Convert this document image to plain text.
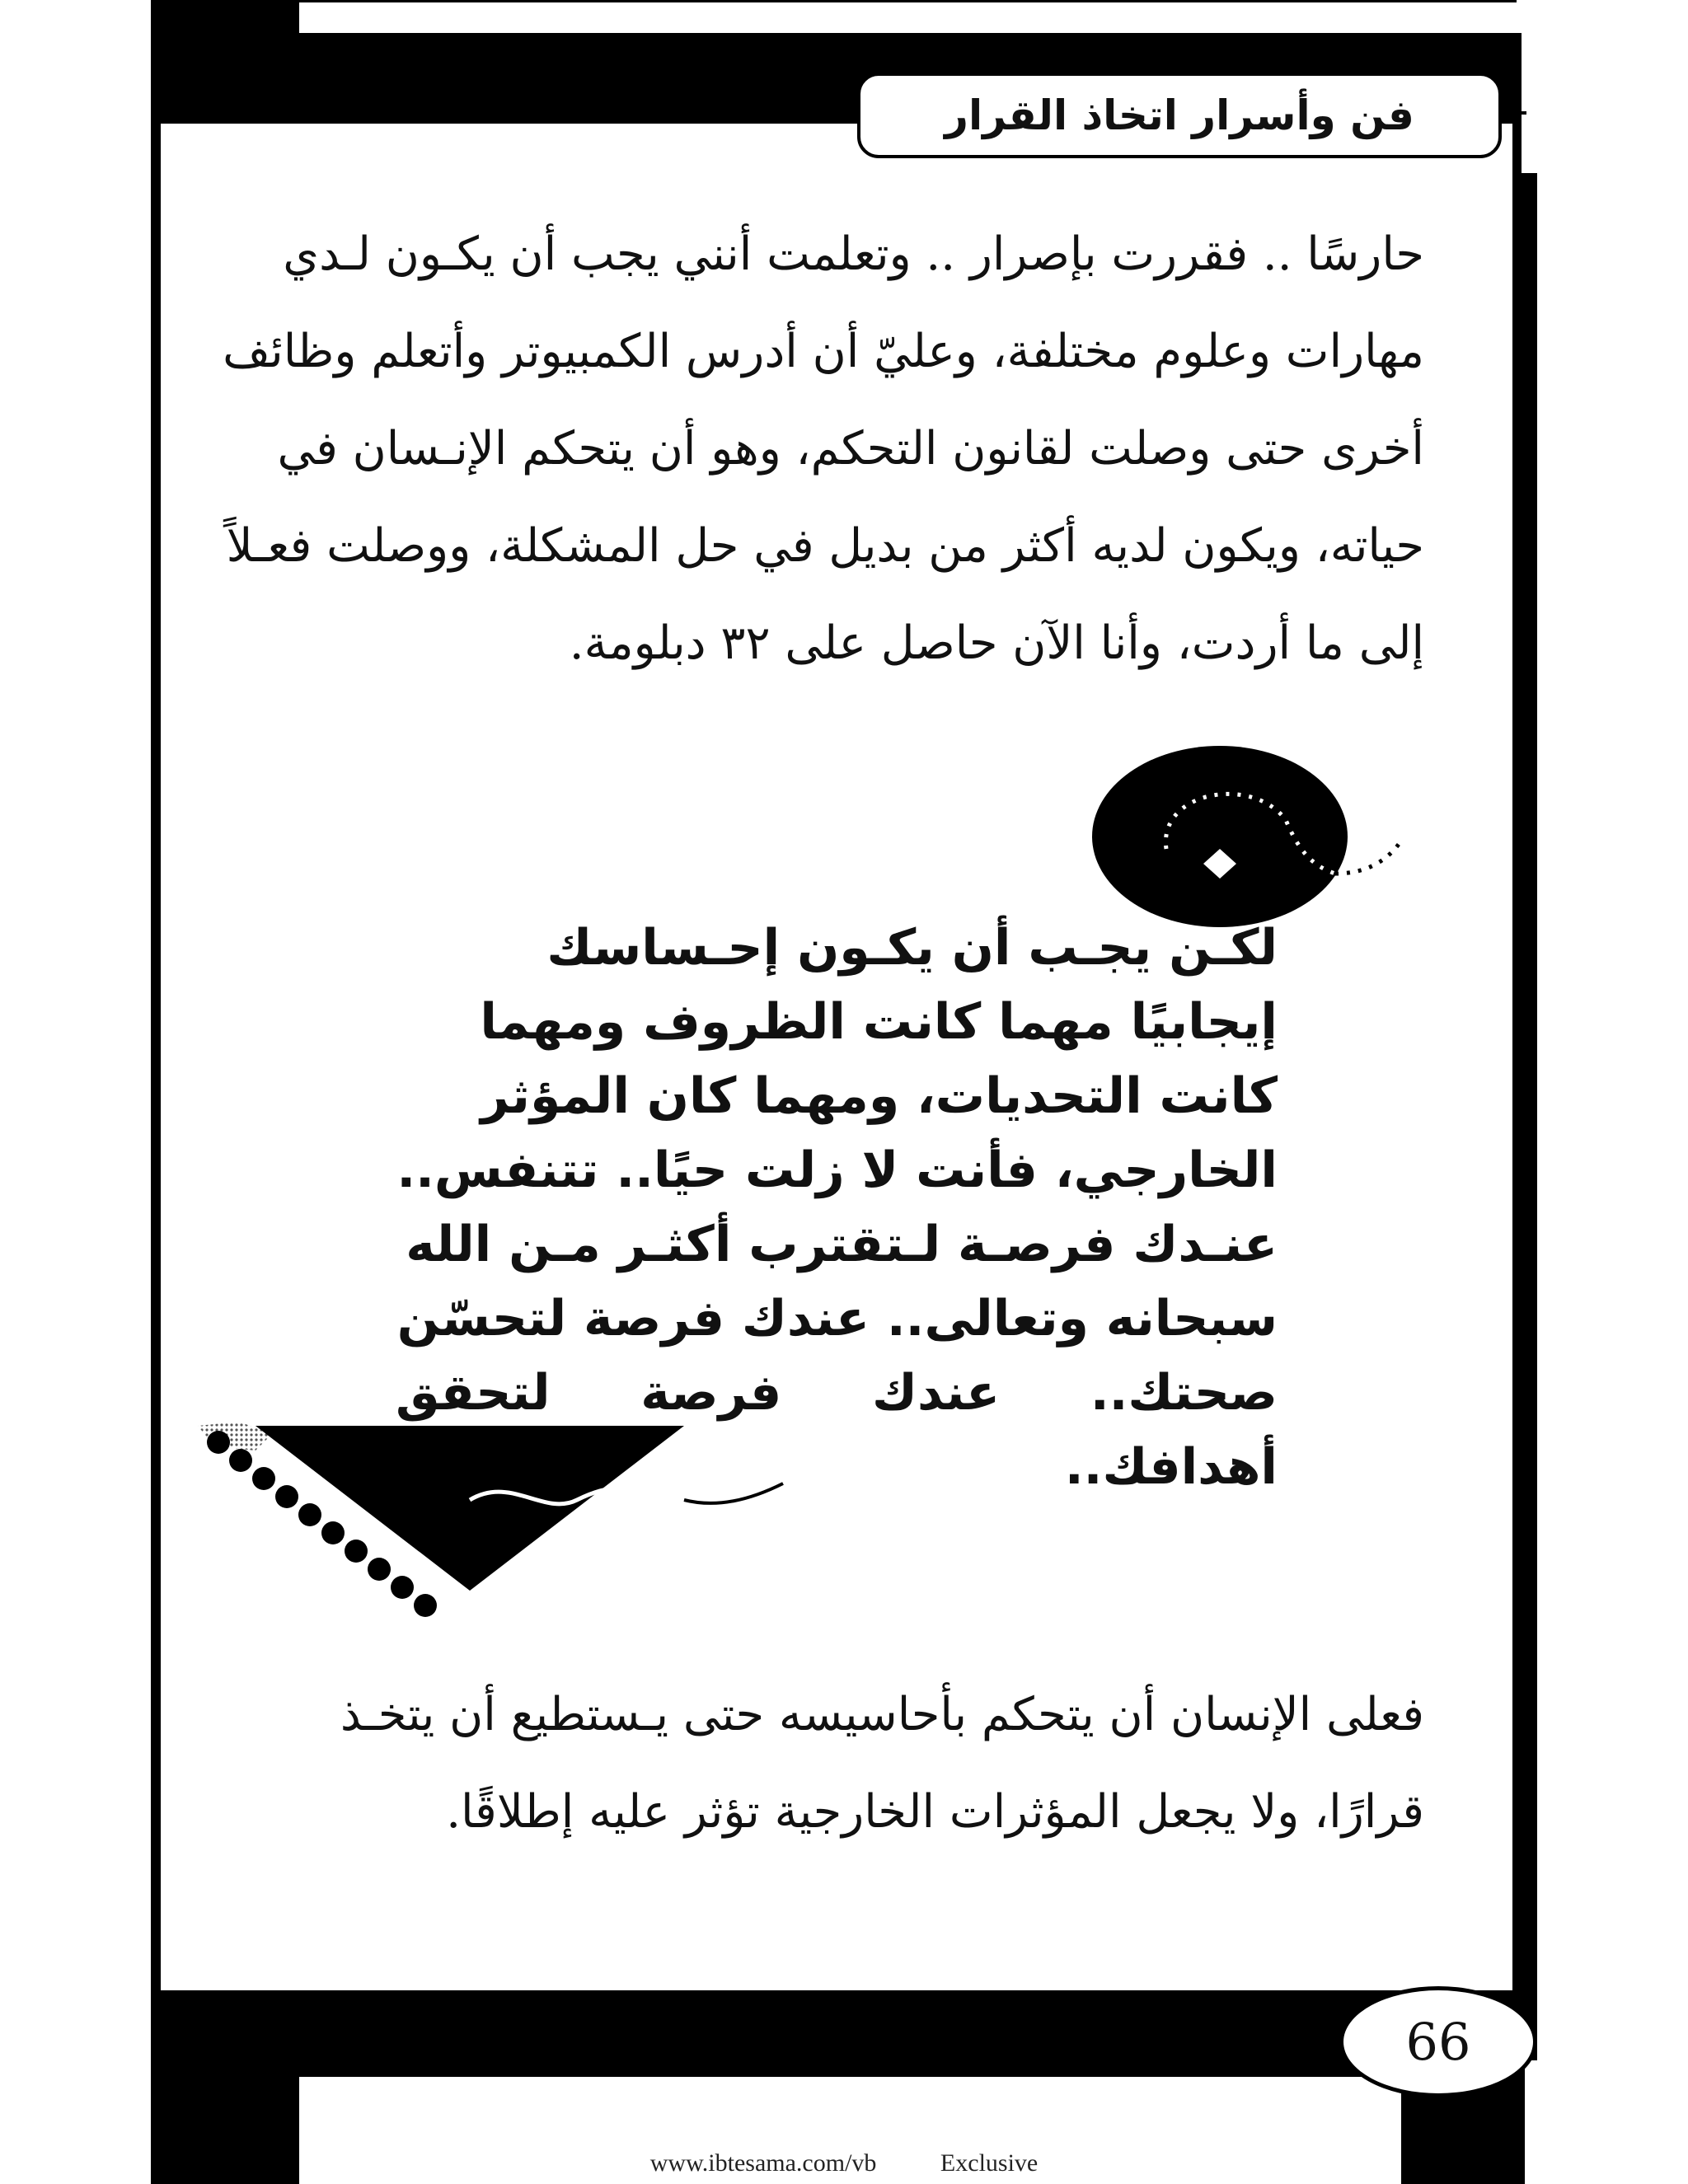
فن وأسرار اتخاذ القرار

حارسًا .. فقررت بإصرار .. وتعلمت أنني يجب أن يكـون لـدي

مهارات وعلوم مختلفة، وعليّ أن أدرس الكمبيوتر وأتعلم وظائف

أخرى حتى وصلت لقانون التحكم، وهو أن يتحكم الإنـسان في

حياته، ويكون لديه أكثر من بديل في حل المشكلة، ووصلت فعـلاً

إلى ما أردت، وأنا الآن حاصل على ٣٢ دبلومة.

لكـن يجـب أن يكـون إحـساسك

إيجابيًا مهما كانت الظروف ومهما

كانت التحديات، ومهما كان المؤثر

الخارجي، فأنت لا زلت حيًا.. تتنفس..

عنـدك فرصـة لـتقترب أكثـر مـن الله

سبحانه وتعالى.. عندك فرصة لتحسّن

صحتك.. عندك فرصة لتحقق أهدافك..

فعلى الإنسان أن يتحكم بأحاسيسه حتى يـستطيع أن يتخـذ

قرارًا، ولا يجعل المؤثرات الخارجية تؤثر عليه إطلاقًا.

66
www.ibtesama.com/vb	Exclusive
